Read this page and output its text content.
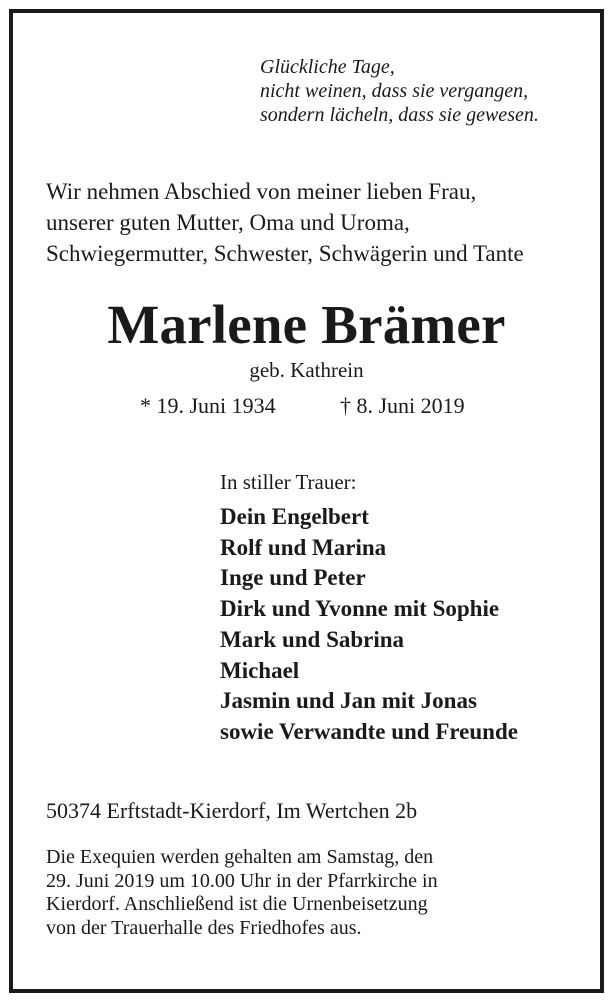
Glückliche Tage,
nicht weinen, dass sie vergangen,
sondern lächeln, dass sie gewesen.
Wir nehmen Abschied von meiner lieben Frau,
unserer guten Mutter, Oma und Uroma,
Schwiegermutter, Schwester, Schwägerin und Tante
Marlene Brämer
geb. Kathrein
* 19. Juni 1934	† 8. Juni 2019
In stiller Trauer:
Dein Engelbert
Rolf und Marina
Inge und Peter
Dirk und Yvonne mit Sophie
Mark und Sabrina
Michael
Jasmin und Jan mit Jonas
sowie Verwandte und Freunde
50374 Erftstadt-Kierdorf, Im Wertchen 2b
Die Exequien werden gehalten am Samstag, den
29. Juni 2019 um 10.00 Uhr in der Pfarrkirche in
Kierdorf. Anschließend ist die Urnenbeisetzung
von der Trauerhalle des Friedhofes aus.
